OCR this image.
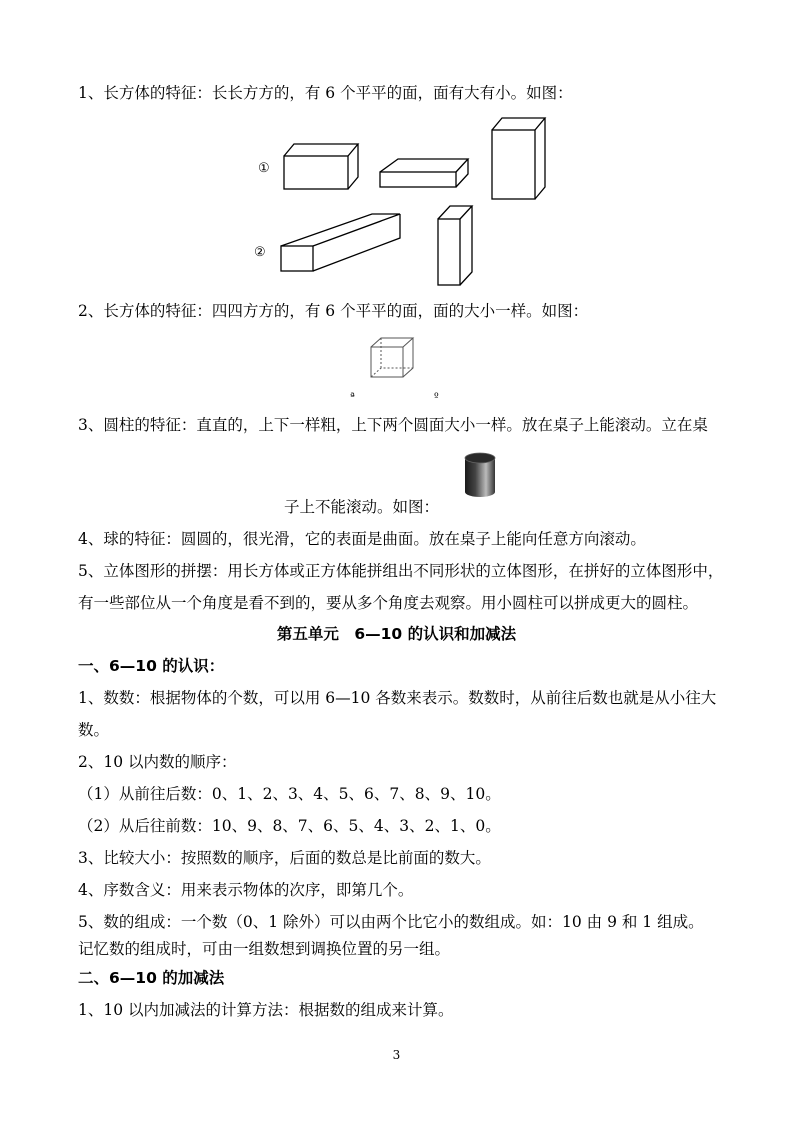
1、长方体的特征：长长方方的，有 6 个平平的面，面有大有小。如图：
①
②
2、长方体的特征：四四方方的，有 6 个平平的面，面的大小一样。如图：
ª	º
3、圆柱的特征：直直的，上下一样粗，上下两个圆面大小一样。放在桌子上能滚动。立在桌
子上不能滚动。如图：
4、球的特征：圆圆的，很光滑，它的表面是曲面。放在桌子上能向任意方向滚动。
5、立体图形的拼摆：用长方体或正方体能拼组出不同形状的立体图形，在拼好的立体图形中，
有一些部位从一个角度是看不到的，要从多个角度去观察。用小圆柱可以拼成更大的圆柱。
第五单元　6—10 的认识和加减法
一、6—10 的认识：
1、数数：根据物体的个数，可以用 6—10 各数来表示。数数时，从前往后数也就是从小往大
数。
2、10 以内数的顺序：
（1）从前往后数：0、1、2、3、4、5、6、7、8、9、10。
（2）从后往前数：10、9、8、7、6、5、4、3、2、1、0。
3、比较大小：按照数的顺序，后面的数总是比前面的数大。
4、序数含义：用来表示物体的次序，即第几个。
5、数的组成：一个数（0、1 除外）可以由两个比它小的数组成。如：10 由 9 和 1 组成。
记忆数的组成时，可由一组数想到调换位置的另一组。
二、6—10 的加减法
1、10 以内加减法的计算方法：根据数的组成来计算。
3
